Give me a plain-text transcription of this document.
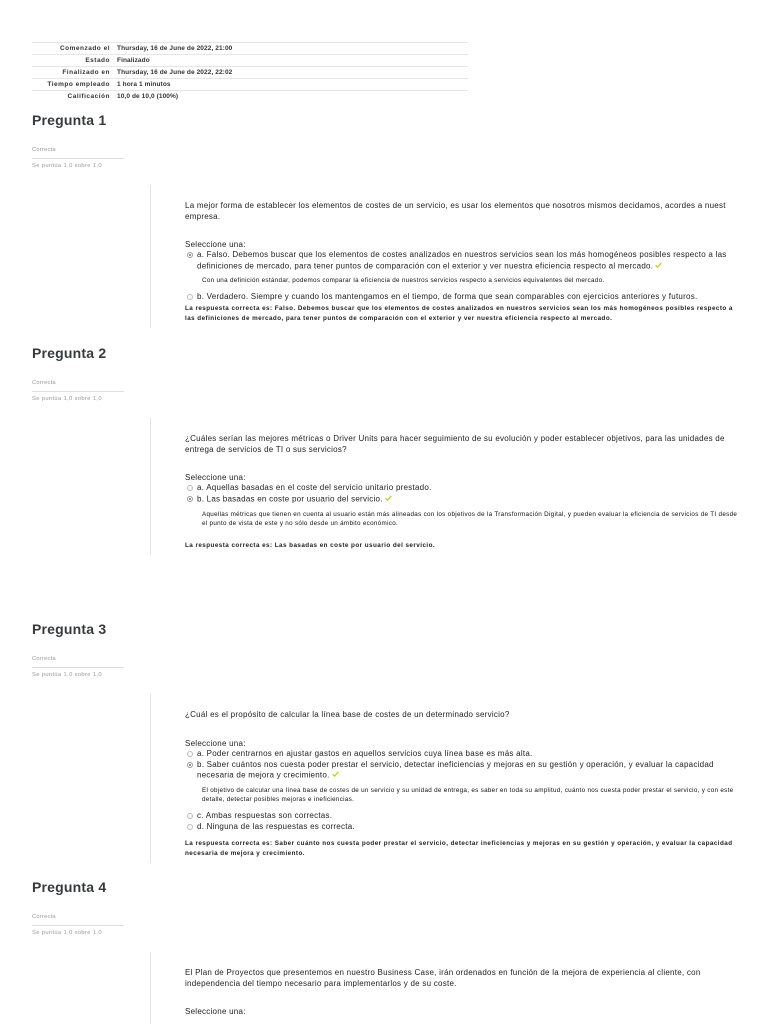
Comenzado el	Thursday, 16 de June de 2022, 21:00
Estado	Finalizado
Finalizado en	Thursday, 16 de June de 2022, 22:02
Tiempo empleado	1 hora 1 minutos
Calificación	10,0 de 10,0 (100%)
Pregunta 1
Correcta
Se puntúa 1,0 sobre 1,0

La mejor forma de establecer los elementos de costes de un servicio, es usar los elementos que nosotros mismos decidamos, acordes a nuest empresa.

Seleccione una:
a. Falso. Debemos buscar que los elementos de costes analizados en nuestros servicios sean los más homogéneos posibles respecto a las definiciones de mercado, para tener puntos de comparación con el exterior y ver nuestra eficiencia respecto al mercado.
Con una definición estándar, podemos comparar la eficiencia de nuestros servicios respecto a servicios equivalentes del mercado.
b. Verdadero. Siempre y cuando los mantengamos en el tiempo, de forma que sean comparables con ejercicios anteriores y futuros.
La respuesta correcta es: Falso. Debemos buscar que los elementos de costes analizados en nuestros servicios sean los más homogéneos posibles respecto a las definiciones de mercado, para tener puntos de comparación con el exterior y ver nuestra eficiencia respecto al mercado.
Pregunta 2
Correcta
Se puntúa 1,0 sobre 1,0

¿Cuáles serían las mejores métricas o Driver Units para hacer seguimiento de su evolución y poder establecer objetivos, para las unidades de entrega de servicios de TI o sus servicios?

Seleccione una:
a. Aquellas basadas en el coste del servicio unitario prestado.
b. Las basadas en coste por usuario del servicio.
Aquellas métricas que tienen en cuenta al usuario están más alineadas con los objetivos de la Transformación Digital, y pueden evaluar la eficiencia de servicios de TI desde el punto de vista de este y no sólo desde un ámbito económico.
La respuesta correcta es: Las basadas en coste por usuario del servicio.
Pregunta 3
Correcta
Se puntúa 1,0 sobre 1,0

¿Cuál es el propósito de calcular la línea base de costes de un determinado servicio?

Seleccione una:
a. Poder centrarnos en ajustar gastos en aquellos servicios cuya línea base es más alta.
b. Saber cuántos nos cuesta poder prestar el servicio, detectar ineficiencias y mejoras en su gestión y operación, y evaluar la capacidad necesaria de mejora y crecimiento.
El objetivo de calcular una línea base de costes de un servicio y su unidad de entrega, es saber en toda su amplitud, cuánto nos cuesta poder prestar el servicio, y con este detalle, detectar posibles mejoras e ineficiencias.
c. Ambas respuestas son correctas.
d. Ninguna de las respuestas es correcta.
La respuesta correcta es: Saber cuánto nos cuesta poder prestar el servicio, detectar ineficiencias y mejoras en su gestión y operación, y evaluar la capacidad necesaria de mejora y crecimiento.
Pregunta 4
Correcta
Se puntúa 1,0 sobre 1,0

El Plan de Proyectos que presentemos en nuestro Business Case, irán ordenados en función de la mejora de experiencia al cliente, con independencia del tiempo necesario para implementarlos y de su coste.

Seleccione una:
